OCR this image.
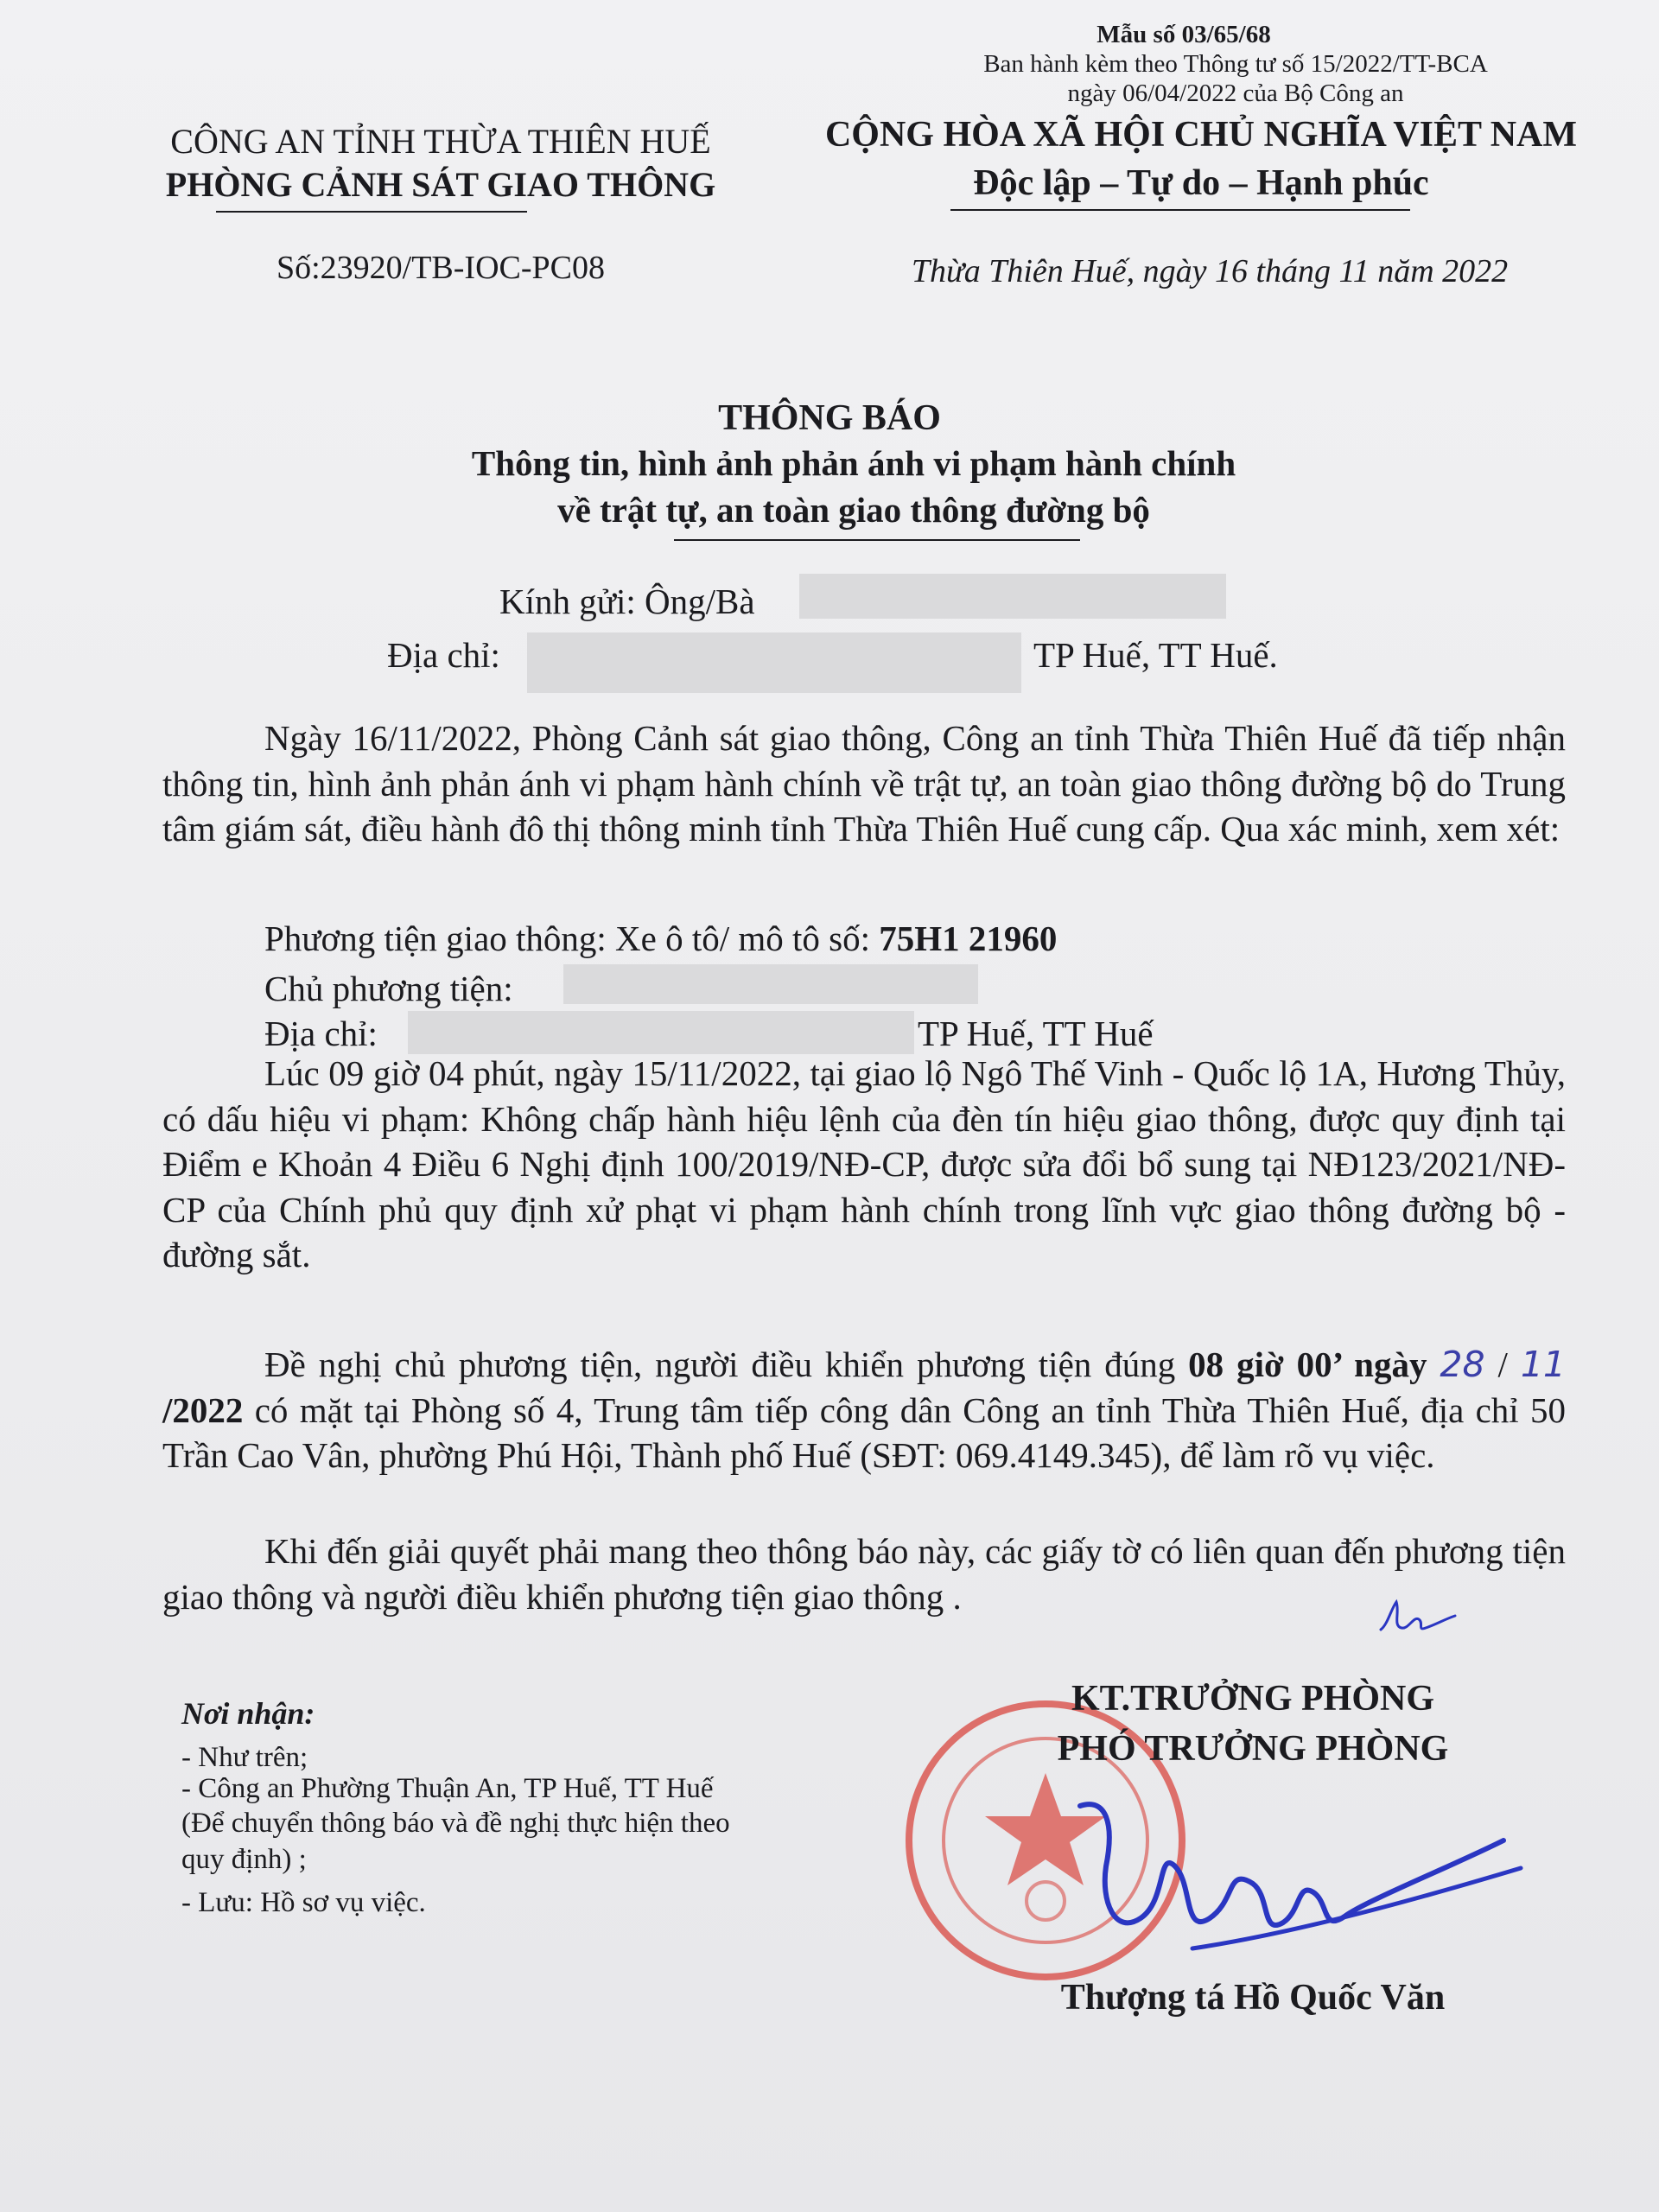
Mẫu số 03/65/68
Ban hành kèm theo Thông tư số 15/2022/TT-BCA
ngày 06/04/2022 của Bộ Công an
CÔNG AN TỈNH THỪA THIÊN HUẾ
PHÒNG CẢNH SÁT GIAO THÔNG
CỘNG HÒA XÃ HỘI CHỦ NGHĨA VIỆT NAM
Độc lập – Tự do – Hạnh phúc
Số:23920/TB-IOC-PC08	Thừa Thiên Huế, ngày 16 tháng 11 năm 2022
THÔNG BÁO
Thông tin, hình ảnh phản ánh vi phạm hành chính
về trật tự, an toàn giao thông đường bộ
Kính gửi: Ông/Bà
Địa chỉ:	TP Huế, TT Huế.
Ngày 16/11/2022, Phòng Cảnh sát giao thông, Công an tỉnh Thừa Thiên Huế đã tiếp nhận thông tin, hình ảnh phản ánh vi phạm hành chính về trật tự, an toàn giao thông đường bộ do Trung tâm giám sát, điều hành đô thị thông minh tỉnh Thừa Thiên Huế cung cấp. Qua xác minh, xem xét:
Phương tiện giao thông: Xe ô tô/ mô tô số: 75H1 21960
Chủ phương tiện:
Địa chỉ:	TP Huế, TT Huế
Lúc 09 giờ 04 phút, ngày 15/11/2022, tại giao lộ Ngô Thế Vinh - Quốc lộ 1A, Hương Thủy, có dấu hiệu vi phạm: Không chấp hành hiệu lệnh của đèn tín hiệu giao thông, được quy định tại Điểm e Khoản 4 Điều 6 Nghị định 100/2019/NĐ-CP, được sửa đổi bổ sung tại NĐ123/2021/NĐ-CP của Chính phủ quy định xử phạt vi phạm hành chính trong lĩnh vực giao thông đường bộ - đường sắt.
Đề nghị chủ phương tiện, người điều khiển phương tiện đúng 08 giờ 00’ ngày 28 / 11 /2022 có mặt tại Phòng số 4, Trung tâm tiếp công dân Công an tỉnh Thừa Thiên Huế, địa chỉ 50 Trần Cao Vân, phường Phú Hội, Thành phố Huế (SĐT: 069.4149.345), để làm rõ vụ việc.
Khi đến giải quyết phải mang theo thông báo này, các giấy tờ có liên quan đến phương tiện giao thông và người điều khiển phương tiện giao thông .
Nơi nhận:
- Như trên;
- Công an Phường Thuận An, TP Huế, TT Huế
(Để chuyển thông báo và đề nghị thực hiện theo
quy định) ;
- Lưu: Hồ sơ vụ việc.
KT.TRƯỞNG PHÒNG
PHÓ TRƯỞNG PHÒNG
Thượng tá Hồ Quốc Văn
